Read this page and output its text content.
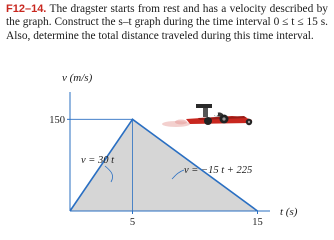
F12–14. The dragster starts from rest and has a velocity described by the graph. Construct the s–t graph during the time interval 0 ≤ t ≤ 15 s. Also, determine the total distance traveled during this time interval.
v (m/s)
t (s)
150
5	15
v = 30 t
v = −15 t + 225
